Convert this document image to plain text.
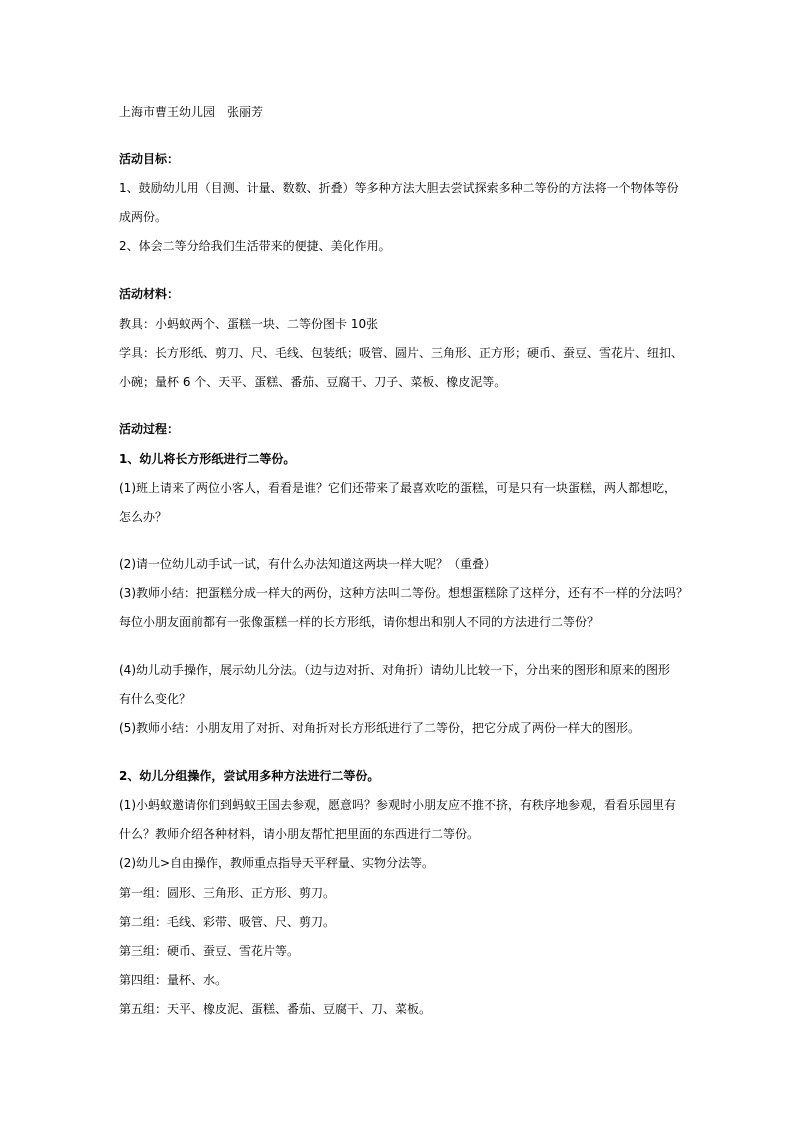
上海市曹王幼儿园　张丽芳
活动目标：
1、鼓励幼儿用（目测、计量、数数、折叠）等多种方法大胆去尝试探索多种二等份的方法将一个物体等份
成两份。
2、体会二等分给我们生活带来的便捷、美化作用。
活动材料：
教具：小蚂蚁两个、蛋糕一块、二等份图卡 10张
学具：长方形纸、剪刀、尺、毛线、包装纸；吸管、圆片、三角形、正方形；硬币、蚕豆、雪花片、纽扣、
小碗；量杯 6 个、天平、蛋糕、番茄、豆腐干、刀子、菜板、橡皮泥等。
活动过程：
1、幼儿将长方形纸进行二等份。
(1)班上请来了两位小客人，看看是谁？它们还带来了最喜欢吃的蛋糕，可是只有一块蛋糕，两人都想吃，
怎么办？
(2)请一位幼儿动手试一试，有什么办法知道这两块一样大呢？（重叠）
(3)教师小结：把蛋糕分成一样大的两份，这种方法叫二等份。想想蛋糕除了这样分，还有不一样的分法吗？
每位小朋友面前都有一张像蛋糕一样的长方形纸，请你想出和别人不同的方法进行二等份？
(4)幼儿动手操作，展示幼儿分法。（边与边对折、对角折）请幼儿比较一下，分出来的图形和原来的图形
有什么变化？
(5)教师小结：小朋友用了对折、对角折对长方形纸进行了二等份，把它分成了两份一样大的图形。
2、幼儿分组操作，尝试用多种方法进行二等份。
(1)小蚂蚁邀请你们到蚂蚁王国去参观，愿意吗？参观时小朋友应不推不挤，有秩序地参观，看看乐园里有
什么？教师介绍各种材料，请小朋友帮忙把里面的东西进行二等份。
(2)幼儿>自由操作，教师重点指导天平秤量、实物分法等。
第一组：圆形、三角形、正方形、剪刀。
第二组：毛线、彩带、吸管、尺、剪刀。
第三组：硬币、蚕豆、雪花片等。
第四组：量杯、水。
第五组：天平、橡皮泥、蛋糕、番茄、豆腐干、刀、菜板。
